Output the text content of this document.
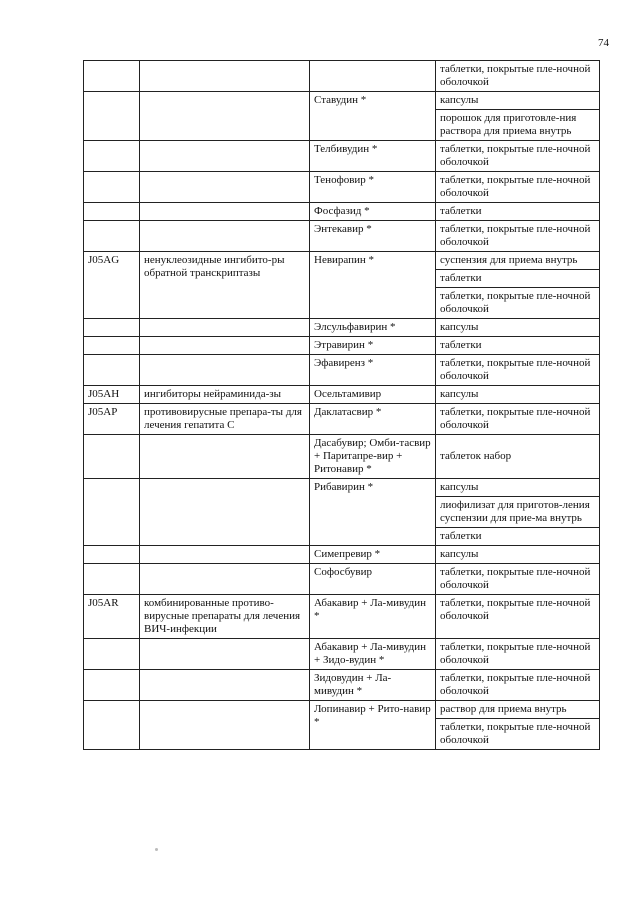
74
			таблетки, покрытые пле-ночной оболочкой
		Ставудин *	капсулы
			порошок для приготовле-ния раствора для приема внутрь
		Телбивудин *	таблетки, покрытые пле-ночной оболочкой
		Тенофовир *	таблетки, покрытые пле-ночной оболочкой
		Фосфазид *	таблетки
		Энтекавир *	таблетки, покрытые пле-ночной оболочкой
J05AG	ненуклеозидные ингибито-ры обратной транскриптазы	Невирапин *	суспензия для приема внутрь
			таблетки
			таблетки, покрытые пле-ночной оболочкой
		Элсульфавирин *	капсулы
		Этравирин *	таблетки
		Эфавиренз *	таблетки, покрытые пле-ночной оболочкой
J05AH	ингибиторы нейраминида-зы	Осельтамивир	капсулы
J05AP	противовирусные препара-ты для лечения гепатита С	Даклатасвир *	таблетки, покрытые пле-ночной оболочкой
		Дасабувир; Омби-тасвир + Паритапре-вир + Ритонавир *	таблеток набор
		Рибавирин *	капсулы
			лиофилизат для приготов-ления суспензии для прие-ма внутрь
			таблетки
		Симепревир *	капсулы
		Софосбувир	таблетки, покрытые пле-ночной оболочкой
J05AR	комбинированные противо-вирусные препараты для лечения ВИЧ-инфекции	Абакавир + Ла-мивудин *	таблетки, покрытые пле-ночной оболочкой
		Абакавир + Ла-мивудин + Зидо-вудин *	таблетки, покрытые пле-ночной оболочкой
		Зидовудин + Ла-мивудин *	таблетки, покрытые пле-ночной оболочкой
		Лопинавир + Рито-навир *	раствор для приема внутрь
			таблетки, покрытые пле-ночной оболочкой
